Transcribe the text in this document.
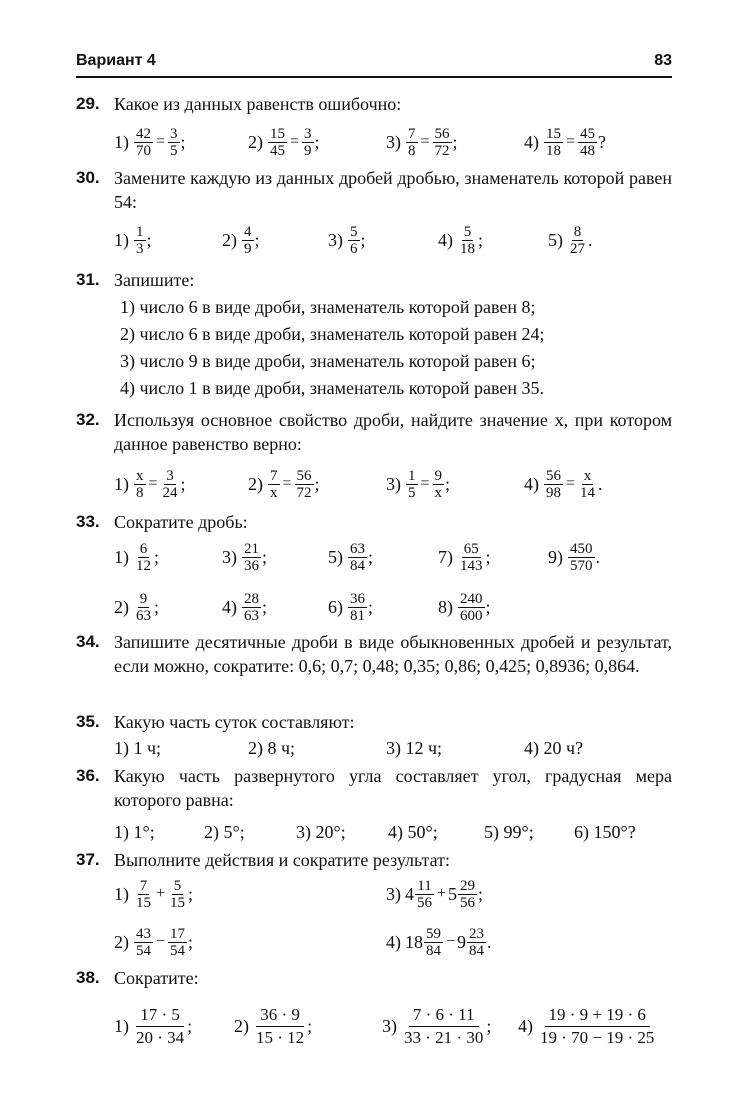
Вариант 4	83
29. Какое из данных равенств ошибочно:
$1) \frac{42}{70} = \frac{3}{5}$ ;	$2) \frac{15}{45} = \frac{3}{9}$ ;	$3) \frac{7}{8} = \frac{56}{72}$ ;	$4) \frac{15}{18} = \frac{45}{48}$ ?
30. Замените каждую из данных дробей дробью, знаменатель которой равен 54:
$1) \frac{1}{3}$ ;	$2) \frac{4}{9}$ ;	$3) \frac{5}{6}$ ;	$4) \frac{5}{18}$ ;	$5) \frac{8}{27}$ .
31. Запишите:
1) число 6 в виде дроби, знаменатель которой равен 8;
2) число 6 в виде дроби, знаменатель которой равен 24;
3) число 9 в виде дроби, знаменатель которой равен 6;
4) число 1 в виде дроби, знаменатель которой равен 35.
32. Используя основное свойство дроби, найдите значение x, при котором данное равенство верно:
$1) \frac{x}{8} = \frac{3}{24}$ ;	$2) \frac{7}{x} = \frac{56}{72}$ ;	$3) \frac{1}{5} = \frac{9}{x}$ ;	$4) \frac{56}{98} = \frac{x}{14}$ .
33. Сократите дробь:
$1) \frac{6}{12}$ ;	$3) \frac{21}{36}$ ;	$5) \frac{63}{84}$ ;	$7) \frac{65}{143}$ ;	$9) \frac{450}{570}$ .
$2) \frac{9}{63}$ ;	$4) \frac{28}{63}$ ;	$6) \frac{36}{81}$ ;	$8) \frac{240}{600}$ ;
34. Запишите десятичные дроби в виде обыкновенных дробей и результат, если можно, сократите: 0,6; 0,7; 0,48; 0,35; 0,86; 0,425; 0,8936; 0,864.
35. Какую часть суток составляют:
1) 1 ч;	2) 8 ч;	3) 12 ч;	4) 20 ч?
36. Какую часть развернутого угла составляет угол, градусная мера которого равна:
1) 1°;	2) 5°;	3) 20°; 4) 50°;	5) 99°; 6) 150°?
37. Выполните действия и сократите результат:
$1) \frac{7}{15} + \frac{5}{15}$ ;	3) $4 \frac{11}{56} + 5 \frac{29}{56}$ ;
$2) \frac{43}{54} - \frac{17}{54}$ ;	4) $18 \frac{59}{84} - 9 \frac{23}{84}$ .
38. Сократите:
$1) \frac{17 \cdot 5}{20 \cdot 34}$ ; $2) \frac{36 \cdot 9}{15 \cdot 12}$ ;	$3) \frac{7 \cdot 6 \cdot 11}{33 \cdot 21 \cdot 30}$ ; $4) \frac{19 \cdot 9 + 19 \cdot 6}{19 \cdot 70 - 19 \cdot 25}$
